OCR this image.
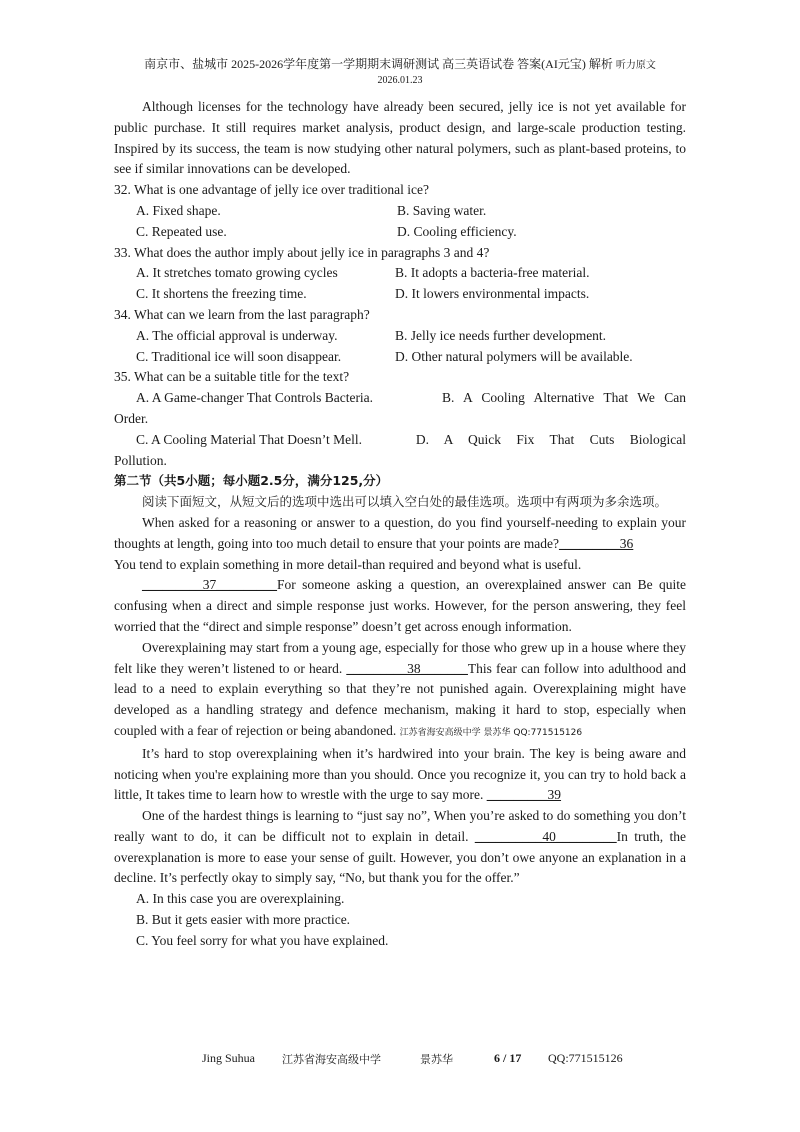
南京市、盐城市 2025-2026学年度第一学期期末调研测试 高三英语试卷 答案(AI元宝) 解析 听力原文
2026.01.23

Although licenses for the technology have already been secured, jelly ice is not yet available for public purchase. It still requires market analysis, product design, and large-scale production testing. Inspired by its success, the team is now studying other natural polymers, such as plant-based proteins, to see if similar innovations can be developed.

32. What is one advantage of jelly ice over traditional ice?
A. Fixed shape.	B. Saving water.
C. Repeated use.	D. Cooling efficiency.
33. What does the author imply about jelly ice in paragraphs 3 and 4?
A. It stretches tomato growing cycles	B. It adopts a bacteria-free material.
C. It shortens the freezing time.	D. It lowers environmental impacts.
34. What can we learn from the last paragraph?
A. The official approval is underway.	B. Jelly ice needs further development.
C. Traditional ice will soon disappear.	D. Other natural polymers will be available.
35. What can be a suitable title for the text?
A. A Game-changer That Controls Bacteria.	B. A Cooling Alternative That We Can
Order.
C. A Cooling Material That Doesn’t Mell.	D. A Quick Fix That Cuts Biological
Pollution.
第二节（共5小题；每小题2.5分，满分125,分）

阅读下面短文，从短文后的选项中选出可以填入空白处的最佳选项。选项中有两项为多余选项。

When asked for a reasoning or answer to a question, do you find yourself-needing to explain your thoughts at length, going into too much detail to ensure that your points are made?_________36

You tend to explain something in more detail-than required and beyond what is useful.

_________37_________For someone asking a question, an overexplained answer can Be quite confusing when a direct and simple response just works. However, for the person answering, they feel worried that the “direct and simple response” doesn’t get across enough information.

Overexplaining may start from a young age, especially for those who grew up in a house where they felt like they weren’t listened to or heard. _________38_______This fear can follow into adulthood and lead to a need to explain everything so that they’re not punished again. Overexplaining might have developed as a handling strategy and defence mechanism, making it hard to stop, especially when coupled with a fear of rejection or being abandoned. 江苏省海安高级中学 景苏华 QQ:771515126

It’s hard to stop overexplaining when it’s hardwired into your brain. The key is being aware and noticing when you're explaining more than you should. Once you recognize it, you can try to hold back a little, It takes time to learn how to wrestle with the urge to say more. _________39

One of the hardest things is learning to “just say no”, When you’re asked to do something you don’t really want to do, it can be difficult not to explain in detail. __________40_________In truth, the overexplanation is more to ease your sense of guilt. However, you don’t owe anyone an explanation in a decline. It’s perfectly okay to simply say, “No, but thank you for the offer.”

A. In this case you are overexplaining.
B. But it gets easier with more practice.
C. You feel sorry for what you have explained.
Jing Suhua 江苏省海安高级中学	景苏华	6 / 17 QQ:771515126
